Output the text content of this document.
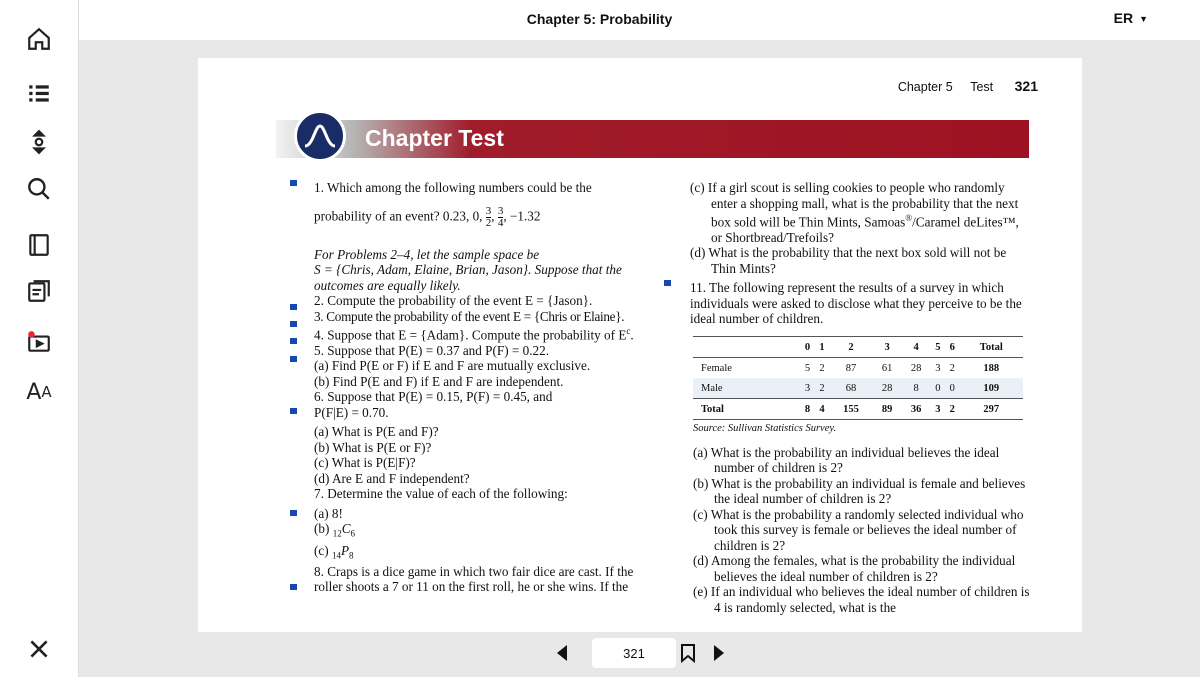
A A
Chapter 5: Probability	ER ▼
Chapter 5 Test 321
Chapter Test

1. Which among the following numbers could be the

probability of an event? 0.23, 0, $\frac{3}{2}$, $\frac{3}{4}$, −1.32

For Problems 2–4, let the sample space be

S = {Chris, Adam, Elaine, Brian, Jason}. Suppose that the

outcomes are equally likely.

2. Compute the probability of the event E = {Jason}.

3. Compute the probability of the event E = {Chris or Elaine}.

4. Suppose that E = {Adam}. Compute the probability of $E^c$.

5. Suppose that P(E) = 0.37 and P(F) = 0.22.

(a) Find P(E or F) if E and F are mutually exclusive.

(b) Find P(E and F) if E and F are independent.

6. Suppose that P(E) = 0.15, P(F) = 0.45, and

P(F|E) = 0.70.

(a) What is P(E and F)?

(b) What is P(E or F)?

(c) What is P(E|F)?

(d) Are E and F independent?

7. Determine the value of each of the following:

(a) 8!

(b) $_{12}C_6$

(c) $_{14}P_8$

8. Craps is a dice game in which two fair dice are cast. If the

roller shoots a 7 or 11 on the first roll, he or she wins. If the

(c) If a girl scout is selling cookies to people who randomly enter a shopping mall, what is the probability that the next box sold will be Thin Mints, Samoas®/Caramel deLites™, or Shortbread/Trefoils?

(d) What is the probability that the next box sold will not be Thin Mints?

11. The following represent the results of a survey in which individuals were asked to disclose what they perceive to be the ideal number of children.

	0	1	2	3	4	5	6	Total
Female	5	2	87	61	28	3	2	188
Male	3	2	68	28	8	0	0	109
Total	8	4	155	89	36	3	2	297

Source: Sullivan Statistics Survey.

(a) What is the probability an individual believes the ideal number of children is 2?

(b) What is the probability an individual is female and believes the ideal number of children is 2?

(c) What is the probability a randomly selected individual who took this survey is female or believes the ideal number of children is 2?

(d) Among the females, what is the probability the individual believes the ideal number of children is 2?

(e) If an individual who believes the ideal number of children is 4 is randomly selected, what is the

321
